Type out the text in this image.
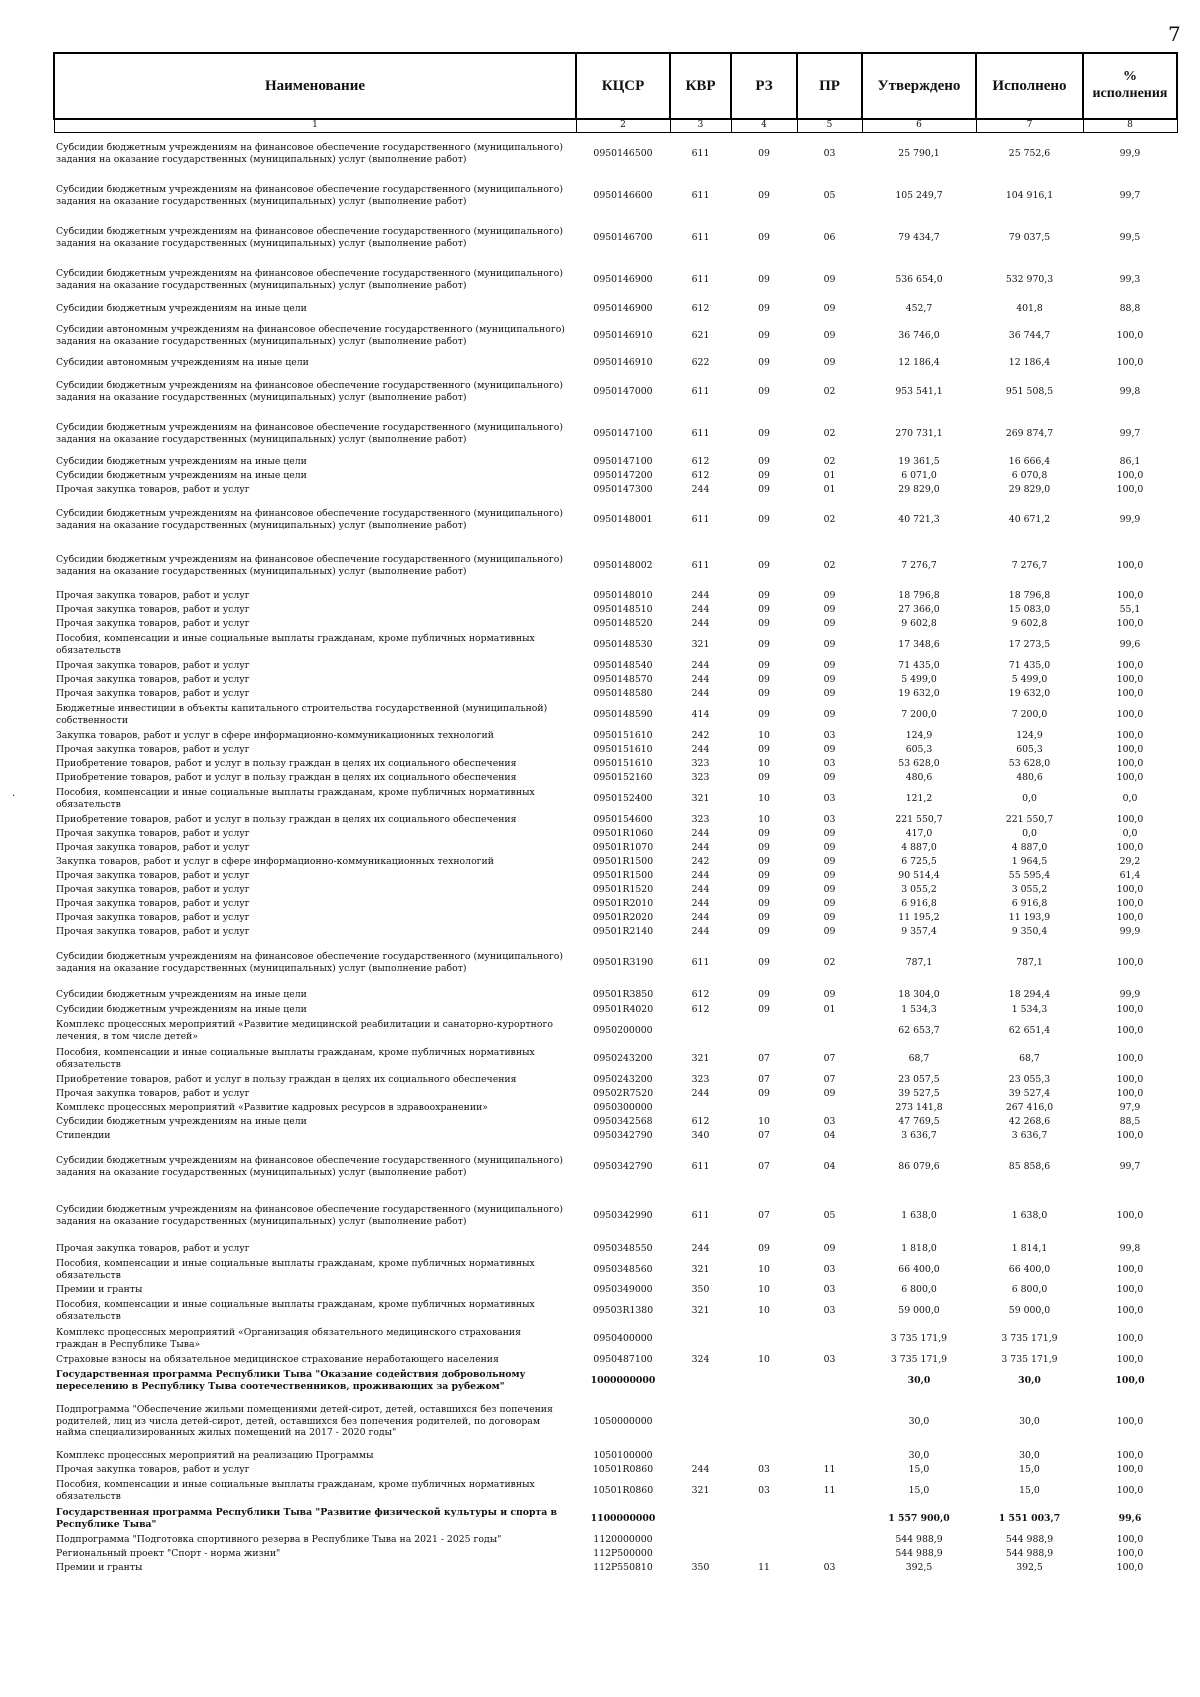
7
.
Наименование	КЦСР	КВР	РЗ	ПР	Утверждено	Исполнено	% исполнения
1	2	3	4	5	6	7	8
Субсидии бюджетным учреждениям на финансовое обеспечение государственного (муниципального) задания на оказание государственных (муниципальных) услуг (выполнение работ)	0950146500	611	09	03	25 790,1	25 752,6	99,9
Субсидии бюджетным учреждениям на финансовое обеспечение государственного (муниципального) задания на оказание государственных (муниципальных) услуг (выполнение работ)	0950146600	611	09	05	105 249,7	104 916,1	99,7
Субсидии бюджетным учреждениям на финансовое обеспечение государственного (муниципального) задания на оказание государственных (муниципальных) услуг (выполнение работ)	0950146700	611	09	06	79 434,7	79 037,5	99,5
Субсидии бюджетным учреждениям на финансовое обеспечение государственного (муниципального) задания на оказание государственных (муниципальных) услуг (выполнение работ)	0950146900	611	09	09	536 654,0	532 970,3	99,3
Субсидии бюджетным учреждениям на иные цели	0950146900	612	09	09	452,7	401,8	88,8
Субсидии автономным учреждениям на финансовое обеспечение государственного (муниципального) задания на оказание государственных (муниципальных) услуг (выполнение работ)	0950146910	621	09	09	36 746,0	36 744,7	100,0
Субсидии автономным учреждениям на иные цели	0950146910	622	09	09	12 186,4	12 186,4	100,0
Субсидии бюджетным учреждениям на финансовое обеспечение государственного (муниципального) задания на оказание государственных (муниципальных) услуг (выполнение работ)	0950147000	611	09	02	953 541,1	951 508,5	99,8
Субсидии бюджетным учреждениям на финансовое обеспечение государственного (муниципального) задания на оказание государственных (муниципальных) услуг (выполнение работ)	0950147100	611	09	02	270 731,1	269 874,7	99,7
Субсидии бюджетным учреждениям на иные цели	0950147100	612	09	02	19 361,5	16 666,4	86,1
Субсидии бюджетным учреждениям на иные цели	0950147200	612	09	01	6 071,0	6 070,8	100,0
Прочая закупка товаров, работ и услуг	0950147300	244	09	01	29 829,0	29 829,0	100,0
Субсидии бюджетным учреждениям на финансовое обеспечение государственного (муниципального) задания на оказание государственных (муниципальных) услуг (выполнение работ)	0950148001	611	09	02	40 721,3	40 671,2	99,9
Субсидии бюджетным учреждениям на финансовое обеспечение государственного (муниципального) задания на оказание государственных (муниципальных) услуг (выполнение работ)	0950148002	611	09	02	7 276,7	7 276,7	100,0
Прочая закупка товаров, работ и услуг	0950148010	244	09	09	18 796,8	18 796,8	100,0
Прочая закупка товаров, работ и услуг	0950148510	244	09	09	27 366,0	15 083,0	55,1
Прочая закупка товаров, работ и услуг	0950148520	244	09	09	9 602,8	9 602,8	100,0
Пособия, компенсации и иные социальные выплаты гражданам, кроме публичных нормативных обязательств	0950148530	321	09	09	17 348,6	17 273,5	99,6
Прочая закупка товаров, работ и услуг	0950148540	244	09	09	71 435,0	71 435,0	100,0
Прочая закупка товаров, работ и услуг	0950148570	244	09	09	5 499,0	5 499,0	100,0
Прочая закупка товаров, работ и услуг	0950148580	244	09	09	19 632,0	19 632,0	100,0
Бюджетные инвестиции в объекты капитального строительства государственной (муниципальной) собственности	0950148590	414	09	09	7 200,0	7 200,0	100,0
Закупка товаров, работ и услуг в сфере информационно-коммуникационных технологий	0950151610	242	10	03	124,9	124,9	100,0
Прочая закупка товаров, работ и услуг	0950151610	244	09	09	605,3	605,3	100,0
Приобретение товаров, работ и услуг в пользу граждан в целях их социального обеспечения	0950151610	323	10	03	53 628,0	53 628,0	100,0
Приобретение товаров, работ и услуг в пользу граждан в целях их социального обеспечения	0950152160	323	09	09	480,6	480,6	100,0
Пособия, компенсации и иные социальные выплаты гражданам, кроме публичных нормативных обязательств	0950152400	321	10	03	121,2	0,0	0,0
Приобретение товаров, работ и услуг в пользу граждан в целях их социального обеспечения	0950154600	323	10	03	221 550,7	221 550,7	100,0
Прочая закупка товаров, работ и услуг	09501R1060	244	09	09	417,0	0,0	0,0
Прочая закупка товаров, работ и услуг	09501R1070	244	09	09	4 887,0	4 887,0	100,0
Закупка товаров, работ и услуг в сфере информационно-коммуникационных технологий	09501R1500	242	09	09	6 725,5	1 964,5	29,2
Прочая закупка товаров, работ и услуг	09501R1500	244	09	09	90 514,4	55 595,4	61,4
Прочая закупка товаров, работ и услуг	09501R1520	244	09	09	3 055,2	3 055,2	100,0
Прочая закупка товаров, работ и услуг	09501R2010	244	09	09	6 916,8	6 916,8	100,0
Прочая закупка товаров, работ и услуг	09501R2020	244	09	09	11 195,2	11 193,9	100,0
Прочая закупка товаров, работ и услуг	09501R2140	244	09	09	9 357,4	9 350,4	99,9
Субсидии бюджетным учреждениям на финансовое обеспечение государственного (муниципального) задания на оказание государственных (муниципальных) услуг (выполнение работ)	09501R3190	611	09	02	787,1	787,1	100,0
Субсидии бюджетным учреждениям на иные цели	09501R3850	612	09	09	18 304,0	18 294,4	99,9
Субсидии бюджетным учреждениям на иные цели	09501R4020	612	09	01	1 534,3	1 534,3	100,0
Комплекс процессных мероприятий «Развитие медицинской реабилитации и санаторно-курортного лечения, в том числе детей»	0950200000				62 653,7	62 651,4	100,0
Пособия, компенсации и иные социальные выплаты гражданам, кроме публичных нормативных обязательств	0950243200	321	07	07	68,7	68,7	100,0
Приобретение товаров, работ и услуг в пользу граждан в целях их социального обеспечения	0950243200	323	07	07	23 057,5	23 055,3	100,0
Прочая закупка товаров, работ и услуг	09502R7520	244	09	09	39 527,5	39 527,4	100,0
Комплекс процессных мероприятий «Развитие кадровых ресурсов в здравоохранении»	0950300000				273 141,8	267 416,0	97,9
Субсидии бюджетным учреждениям на иные цели	0950342568	612	10	03	47 769,5	42 268,6	88,5
Стипендии	0950342790	340	07	04	3 636,7	3 636,7	100,0
Субсидии бюджетным учреждениям на финансовое обеспечение государственного (муниципального) задания на оказание государственных (муниципальных) услуг (выполнение работ)	0950342790	611	07	04	86 079,6	85 858,6	99,7
Субсидии бюджетным учреждениям на финансовое обеспечение государственного (муниципального) задания на оказание государственных (муниципальных) услуг (выполнение работ)	0950342990	611	07	05	1 638,0	1 638,0	100,0
Прочая закупка товаров, работ и услуг	0950348550	244	09	09	1 818,0	1 814,1	99,8
Пособия, компенсации и иные социальные выплаты гражданам, кроме публичных нормативных обязательств	0950348560	321	10	03	66 400,0	66 400,0	100,0
Премии и гранты	0950349000	350	10	03	6 800,0	6 800,0	100,0
Пособия, компенсации и иные социальные выплаты гражданам, кроме публичных нормативных обязательств	09503R1380	321	10	03	59 000,0	59 000,0	100,0
Комплекс процессных мероприятий «Организация обязательного медицинского страхования граждан в Республике Тыва»	0950400000				3 735 171,9	3 735 171,9	100,0
Страховые взносы на обязательное медицинское страхование неработающего населения	0950487100	324	10	03	3 735 171,9	3 735 171,9	100,0
Государственная программа Республики Тыва "Оказание содействия добровольному переселению в Республику Тыва соотечественников, проживающих за рубежом"	1000000000				30,0	30,0	100,0
Подпрограмма "Обеспечение жильми помещениями детей-сирот, детей, оставшихся без попечения родителей, лиц из числа детей-сирот, детей, оставшихся без попечения родителей, по договорам найма специализированных жилых помещений на 2017 - 2020 годы"	1050000000				30,0	30,0	100,0
Комплекс процессных мероприятий на реализацию Программы	1050100000				30,0	30,0	100,0
Прочая закупка товаров, работ и услуг	10501R0860	244	03	11	15,0	15,0	100,0
Пособия, компенсации и иные социальные выплаты гражданам, кроме публичных нормативных обязательств	10501R0860	321	03	11	15,0	15,0	100,0
Государственная программа Республики Тыва "Развитие физической культуры и спорта в Республике Тыва"	1100000000				1 557 900,0	1 551 003,7	99,6
Подпрограмма "Подготовка спортивного резерва в Республике Тыва на 2021 - 2025 годы"	1120000000				544 988,9	544 988,9	100,0
Региональный проект "Спорт - норма жизни"	112P500000				544 988,9	544 988,9	100,0
Премии и гранты	112P550810	350	11	03	392,5	392,5	100,0
